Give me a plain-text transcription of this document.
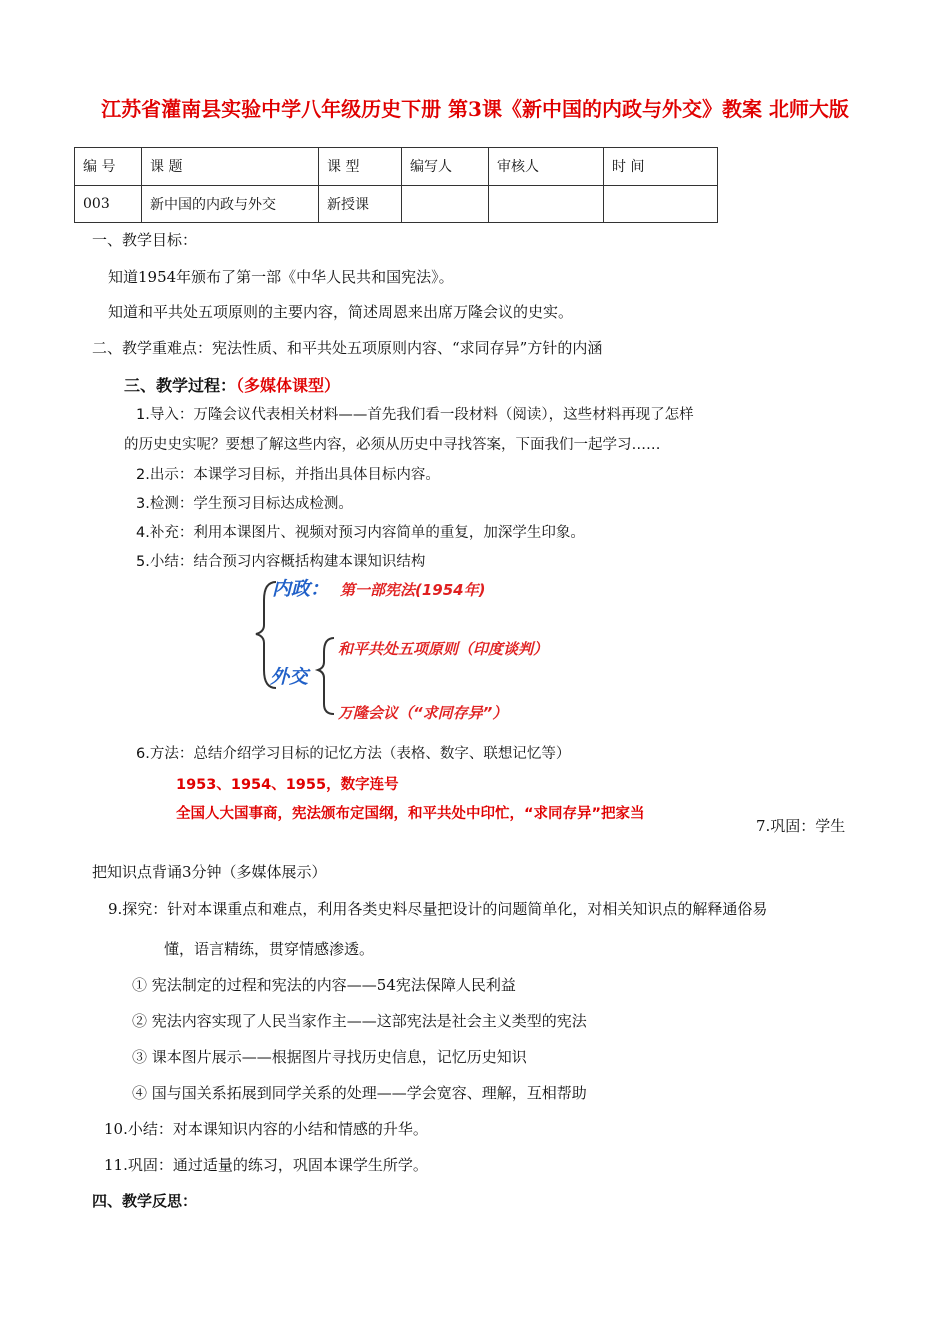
江苏省灌南县实验中学八年级历史下册 第3课《新中国的内政与外交》教案 北师大版
编 号	课 题	课 型	编写人	审核人	时 间
003	新中国的内政与外交	新授课			
一、教学目标：
知道1954年颁布了第一部《中华人民共和国宪法》。
知道和平共处五项原则的主要内容，简述周恩来出席万隆会议的史实。
二、教学重难点：宪法性质、和平共处五项原则内容、“求同存异”方针的内涵
三、教学过程：（多媒体课型）
1.导入：万隆会议代表相关材料——首先我们看一段材料（阅读），这些材料再现了怎样
的历史史实呢？要想了解这些内容，必须从历史中寻找答案，下面我们一起学习……
2.出示：本课学习目标，并指出具体目标内容。
3.检测：学生预习目标达成检测。
4.补充：利用本课图片、视频对预习内容简单的重复，加深学生印象。
5.小结：结合预习内容概括构建本课知识结构
内政： 第一部宪法(1954年)
外交
和平共处五项原则（印度谈判）
万隆会议（“求同存异”）
6.方法：总结介绍学习目标的记忆方法（表格、数字、联想记忆等）
1953、1954、1955，数字连号
全国人大国事商，宪法颁布定国纲，和平共处中印忙，“求同存异”把家当
7.巩固：学生
把知识点背诵3分钟（多媒体展示）
9.探究：针对本课重点和难点，利用各类史料尽量把设计的问题简单化，对相关知识点的解释通俗易
懂，语言精练，贯穿情感渗透。
① 宪法制定的过程和宪法的内容——54宪法保障人民利益
② 宪法内容实现了人民当家作主——这部宪法是社会主义类型的宪法
③ 课本图片展示——根据图片寻找历史信息，记忆历史知识
④ 国与国关系拓展到同学关系的处理——学会宽容、理解，互相帮助
10.小结：对本课知识内容的小结和情感的升华。
11.巩固：通过适量的练习，巩固本课学生所学。
四、教学反思：
